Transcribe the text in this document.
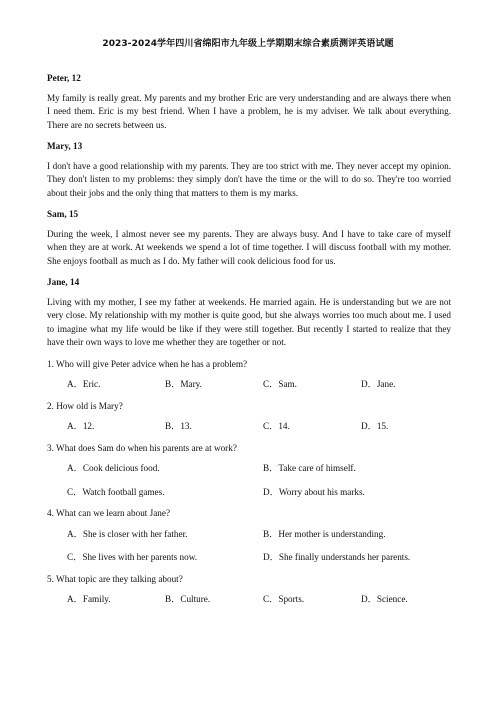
2023-2024学年四川省绵阳市九年级上学期期末综合素质测评英语试题

Peter, 12

My family is really great. My parents and my brother Eric are very understanding and are always there when I need them. Eric is my best friend. When I have a problem, he is my adviser. We talk about everything. There are no secrets between us.

Mary, 13

I don't have a good relationship with my parents. They are too strict with me. They never accept my opinion. They don't listen to my problems: they simply don't have the time or the will to do so. They're too worried about their jobs and the only thing that matters to them is my marks.

Sam, 15

During the week, I almost never see my parents. They are always busy. And I have to take care of myself when they are at work. At weekends we spend a lot of time together. I will discuss football with my mother. She enjoys football as much as I do. My father will cook delicious food for us.

Jane, 14

Living with my mother, I see my father at weekends. He married again. He is understanding but we are not very close. My relationship with my mother is quite good, but she always worries too much about me. I used to imagine what my life would be like if they were still together. But recently I started to realize that they have their own ways to love me whether they are together or not.

1. Who will give Peter advice when he has a problem?
A．Eric.	B．Mary.	C．Sam.	D．Jane.
2. How old is Mary?
A．12.	B．13.	C．14.	D．15.
3. What does Sam do when his parents are at work?
A．Cook delicious food.	B．Take care of himself.
C．Watch football games.	D．Worry about his marks.
4. What can we learn about Jane?
A．She is closer with her father.	B．Her mother is understanding.
C．She lives with her parents now.	D．She finally understands her parents.
5. What topic are they talking about?
A．Family.	B．Culture.	C．Sports.	D．Science.
